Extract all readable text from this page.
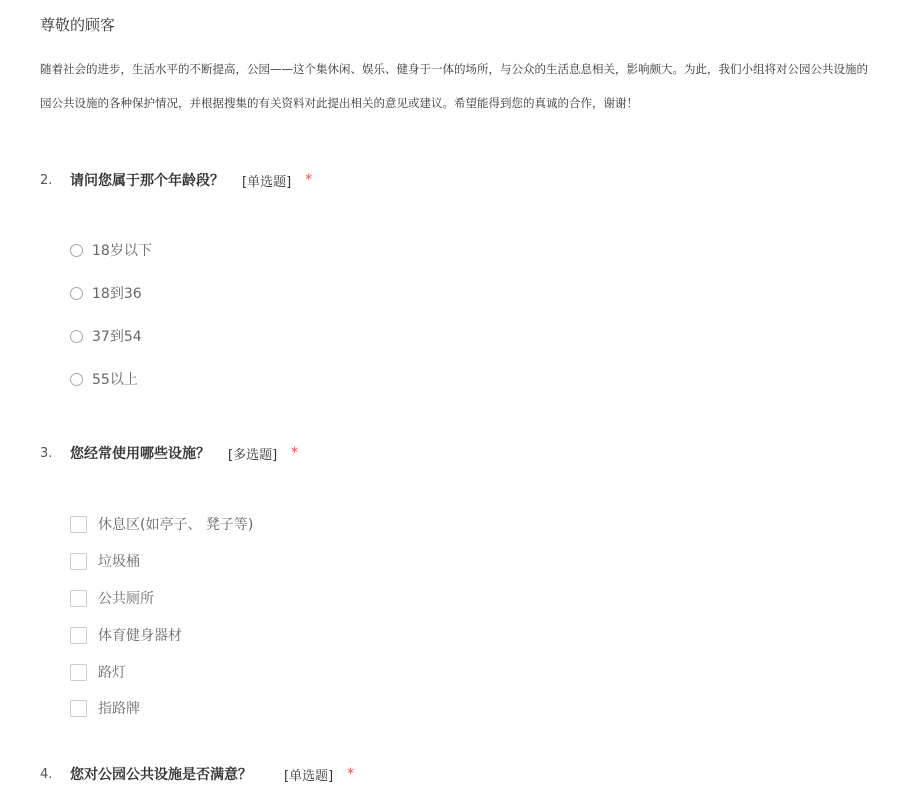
尊敬的顾客
随着社会的进步，生活水平的不断提高，公园——这个集休闲、娱乐、健身于一体的场所，与公众的生活息息相关，影响颇大。为此，我们小组将对公园公共设施的
园公共设施的各种保护情况，并根据搜集的有关资料对此提出相关的意见或建议。希望能得到您的真诚的合作，谢谢！
2.	请问您属于那个年龄段？ [单选题] *
18岁以下
18到36
37到54
55以上
3.	您经常使用哪些设施？ [多选题] *
休息区(如亭子、 凳子等)
垃圾桶
公共厕所
体育健身器材
路灯
指路牌
4.	您对公园公共设施是否满意？ [单选题] *
